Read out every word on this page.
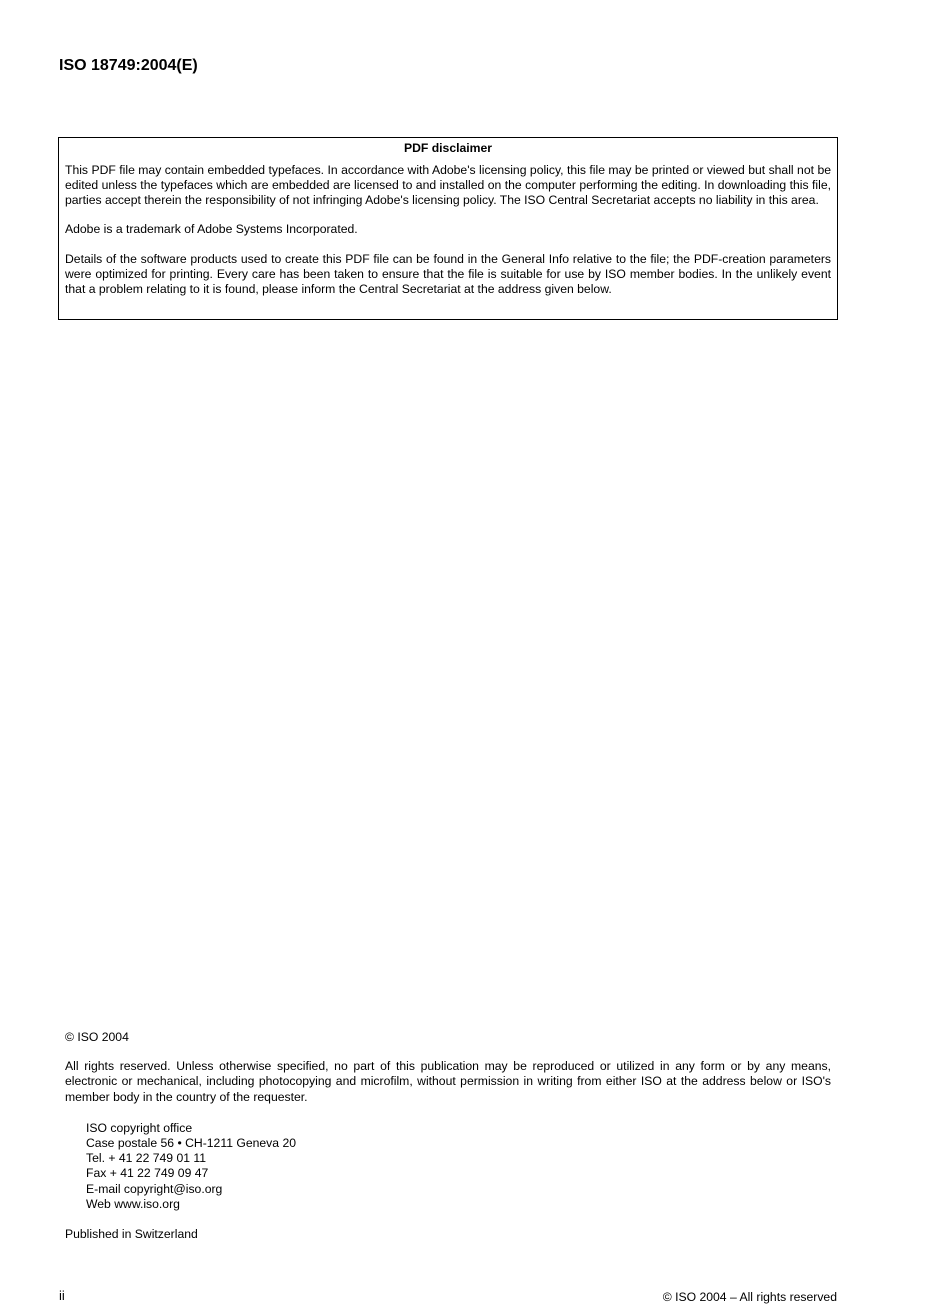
ISO 18749:2004(E)

PDF disclaimer

This PDF file may contain embedded typefaces. In accordance with Adobe's licensing policy, this file may be printed or viewed but shall not be edited unless the typefaces which are embedded are licensed to and installed on the computer performing the editing. In downloading this file, parties accept therein the responsibility of not infringing Adobe's licensing policy. The ISO Central Secretariat accepts no liability in this area.

Adobe is a trademark of Adobe Systems Incorporated.

Details of the software products used to create this PDF file can be found in the General Info relative to the file; the PDF-creation parameters were optimized for printing. Every care has been taken to ensure that the file is suitable for use by ISO member bodies. In the unlikely event that a problem relating to it is found, please inform the Central Secretariat at the address given below.

© ISO 2004

All rights reserved. Unless otherwise specified, no part of this publication may be reproduced or utilized in any form or by any means, electronic or mechanical, including photocopying and microfilm, without permission in writing from either ISO at the address below or ISO's member body in the country of the requester.

ISO copyright office
Case postale 56 • CH-1211 Geneva 20
Tel. + 41 22 749 01 11
Fax + 41 22 749 09 47
E-mail copyright@iso.org
Web www.iso.org

Published in Switzerland

ii	© ISO 2004 – All rights reserved
